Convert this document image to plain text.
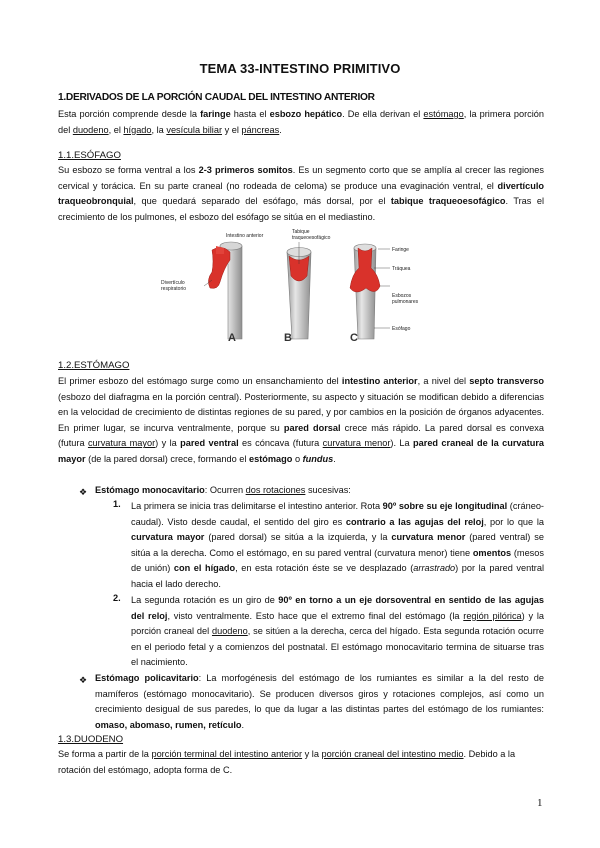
TEMA 33-INTESTINO PRIMITIVO
1.DERIVADOS DE LA PORCIÓN CAUDAL DEL INTESTINO ANTERIOR

Esta porción comprende desde la faringe hasta el esbozo hepático. De ella derivan el estómago, la primera porción del duodeno, el hígado, la vesícula biliar y el páncreas.

1.1.ESÓFAGO

Su esbozo se forma ventral a los 2-3 primeros somitos. Es un segmento corto que se amplía al crecer las regiones cervical y torácica. En su parte craneal (no rodeada de celoma) se produce una evaginación ventral, el divertículo traqueobronquial, que quedará separado del esófago, más dorsal, por el tabique traqueoesofágico. Tras el crecimiento de los pulmones, el esbozo del esófago se sitúa en el mediastino.

Intestino anterior
Tabique
traqueoesofágico
Divertículo
respiratorio
Faringe
Tráquea
Esbozos
pulmonares
Esófago
A	B	C
1.2.ESTÓMAGO

El primer esbozo del estómago surge como un ensanchamiento del intestino anterior, a nivel del septo transverso (esbozo del diafragma en la porción central). Posteriormente, su aspecto y situación se modifican debido a diferencias en la velocidad de crecimiento de distintas regiones de su pared, y por cambios en la posición de órganos adyacentes. En primer lugar, se incurva ventralmente, porque su pared dorsal crece más rápido. La pared dorsal es convexa (futura curvatura mayor) y la pared ventral es cóncava (futura curvatura menor). La pared craneal de la curvatura mayor (de la pared dorsal) crece, formando el estómago o fundus.

❖ Estómago monocavitario: Ocurren dos rotaciones sucesivas:

1. La primera se inicia tras delimitarse el intestino anterior. Rota 90º sobre su eje longitudinal (cráneo-caudal). Visto desde caudal, el sentido del giro es contrario a las agujas del reloj, por lo que la curvatura mayor (pared dorsal) se sitúa a la izquierda, y la curvatura menor (pared ventral) se sitúa a la derecha. Como el estómago, en su pared ventral (curvatura menor) tiene omentos (mesos de unión) con el hígado, en esta rotación éste se ve desplazado (arrastrado) por la pared ventral hacia el lado derecho.

2. La segunda rotación es un giro de 90º en torno a un eje dorsoventral en sentido de las agujas del reloj, visto ventralmente. Esto hace que el extremo final del estómago (la región pilórica) y la porción craneal del duodeno, se sitúen a la derecha, cerca del hígado. Esta segunda rotación ocurre en el periodo fetal y a comienzos del postnatal. El estómago monocavitario termina de situarse tras el nacimiento.

❖ Estómago policavitario: La morfogénesis del estómago de los rumiantes es similar a la del resto de mamíferos (estómago monocavitario). Se producen diversos giros y rotaciones complejos, así como un crecimiento desigual de sus paredes, lo que da lugar a las distintas partes del estómago de los rumiantes: omaso, abomaso, rumen, retículo.

1.3.DUODENO

Se forma a partir de la porción terminal del intestino anterior y la porción craneal del intestino medio. Debido a la rotación del estómago, adopta forma de C.

1
